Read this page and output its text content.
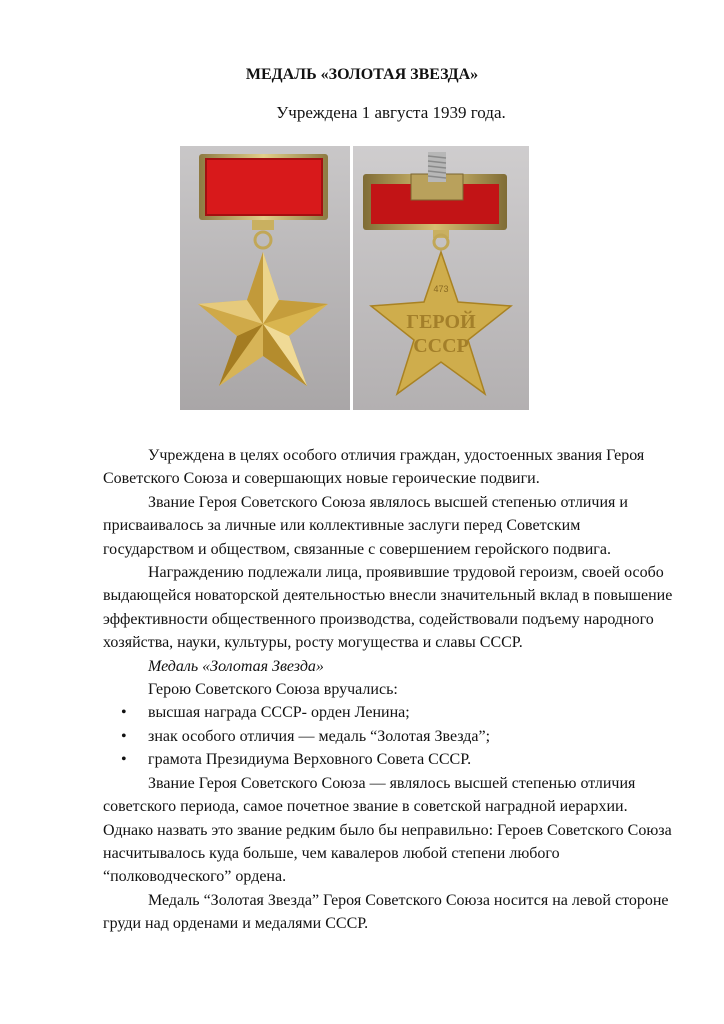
МЕДАЛЬ «ЗОЛОТАЯ ЗВЕЗДА»
Учреждена 1 августа 1939 года.
473
ГЕРОЙ
СССР

Учреждена в целях особого отличия граждан, удостоенных звания Героя Советского Союза и совершающих новые героические подвиги.

Звание Героя Советского Союза являлось высшей степенью отличия и присваивалось за личные или коллективные заслуги перед Советским государством и обществом, связанные с совершением геройского подвига.

Награждению подлежали лица, проявившие трудовой героизм, своей особо выдающейся новаторской деятельностью внесли значительный вклад в повышение эффективности общественного производства, содействовали подъему народного хозяйства, науки, культуры, росту могущества и славы СССР.

Медаль «Золотая Звезда»

Герою Советского Союза вручались:

• высшая награда СССР- орден Ленина;
• знак особого отличия — медаль “Золотая Звезда”;
• грамота Президиума Верховного Совета СССР.

Звание Героя Советского Союза — являлось высшей степенью отличия советского периода, самое почетное звание в советской наградной иерархии. Однако назвать это звание редким было бы неправильно: Героев Советского Союза насчитывалось куда больше, чем кавалеров любой степени любого “полководческого” ордена.

Медаль “Золотая Звезда” Героя Советского Союза носится на левой стороне груди над орденами и медалями СССР.
